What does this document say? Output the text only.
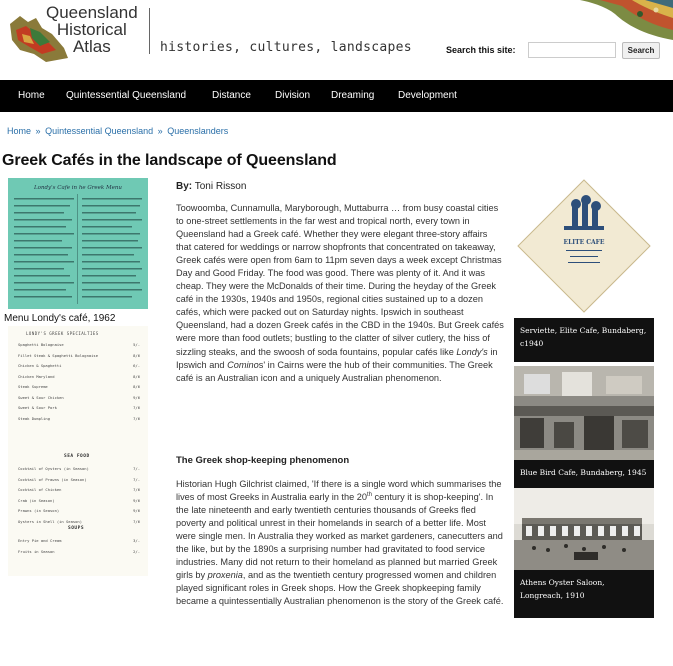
Queensland
Historical
Atlas	histories, cultures, landscapes	Search this site:	Search
Home Quintessential Queensland	Distance Division Dreaming Development
Home » Quintessential Queensland » Queenslanders
Greek Cafés in the landscape of Queensland
Londy's Cafe in he Greek Menu
Menu Londy's café, 1962
LONDY'S GREEK SPECIALTIES
Spaghetti Bolognaise	5/-
Fillet Steak & Spaghetti Bolognaise	8/6
Chicken & Spaghetti	6/-
Chicken Maryland	8/6
Steak Supreme	8/6
Sweet & Sour Chicken	9/6
Sweet & Sour Pork	7/6
Steak Dumpling	7/6
Cocktail of Oysters (in Season)	7/-
Cocktail of Prawns (in Season)	7/-
Cocktail of Chicken	7/6
Crab (in Season)	9/6
Prawns (in Season)	9/6
Oysters in Shell (in Season)	7/6
Entry Pie and Cream	3/-
Fruits in Season	2/-
SEA FOOD
SOUPS
By: Toni Risson

Toowoomba, Cunnamulla, Maryborough, Muttaburra … from busy coastal cities to one-street settlements in the far west and tropical north, every town in Queensland had a Greek café. Whether they were elegant three-story affairs that catered for weddings or narrow shopfronts that concentrated on takeaway, Greek cafés were open from 6am to 11pm seven days a week except Christmas Day and Good Friday. The food was good. There was plenty of it. And it was cheap. They were the McDonalds of their time. During the heyday of the Greek café in the 1930s, 1940s and 1950s, regional cities sustained up to a dozen cafés, which were packed out on Saturday nights. Ipswich in southeast Queensland, had a dozen Greek cafés in the CBD in the 1940s. But Greek cafés were more than food outlets; bustling to the clatter of silver cutlery, the hiss of sizzling steaks, and the swoosh of soda fountains, popular cafés like Londy's in Ipswich and Cominos' in Cairns were the hub of their communities. The Greek café is an Australian icon and a uniquely Australian phenomenon.

The Greek shop-keeping phenomenon

Historian Hugh Gilchrist claimed, 'If there is a single word which summarises the lives of most Greeks in Australia early in the 20th century it is shop-keeping'. In the late nineteenth and early twentieth centuries thousands of Greeks fled poverty and political unrest in their homelands in search of a better life. Most were single men. In Australia they worked as market gardeners, canecutters and the like, but by the 1890s a surprising number had gravitated to food service industries. Many did not return to their homeland as planned but married Greek girls by proxenia, and as the twentieth century progressed women and children played significant roles in Greek shops. How the Greek shopkeeping family became a quintessentially Australian phenomenon is the story of the Greek café.

ELITE CAFE
Serviette, Elite Cafe, Bundaberg, c1940
Blue Bird Cafe, Bundaberg, 1945
Athens Oyster Saloon, Longreach, 1910
